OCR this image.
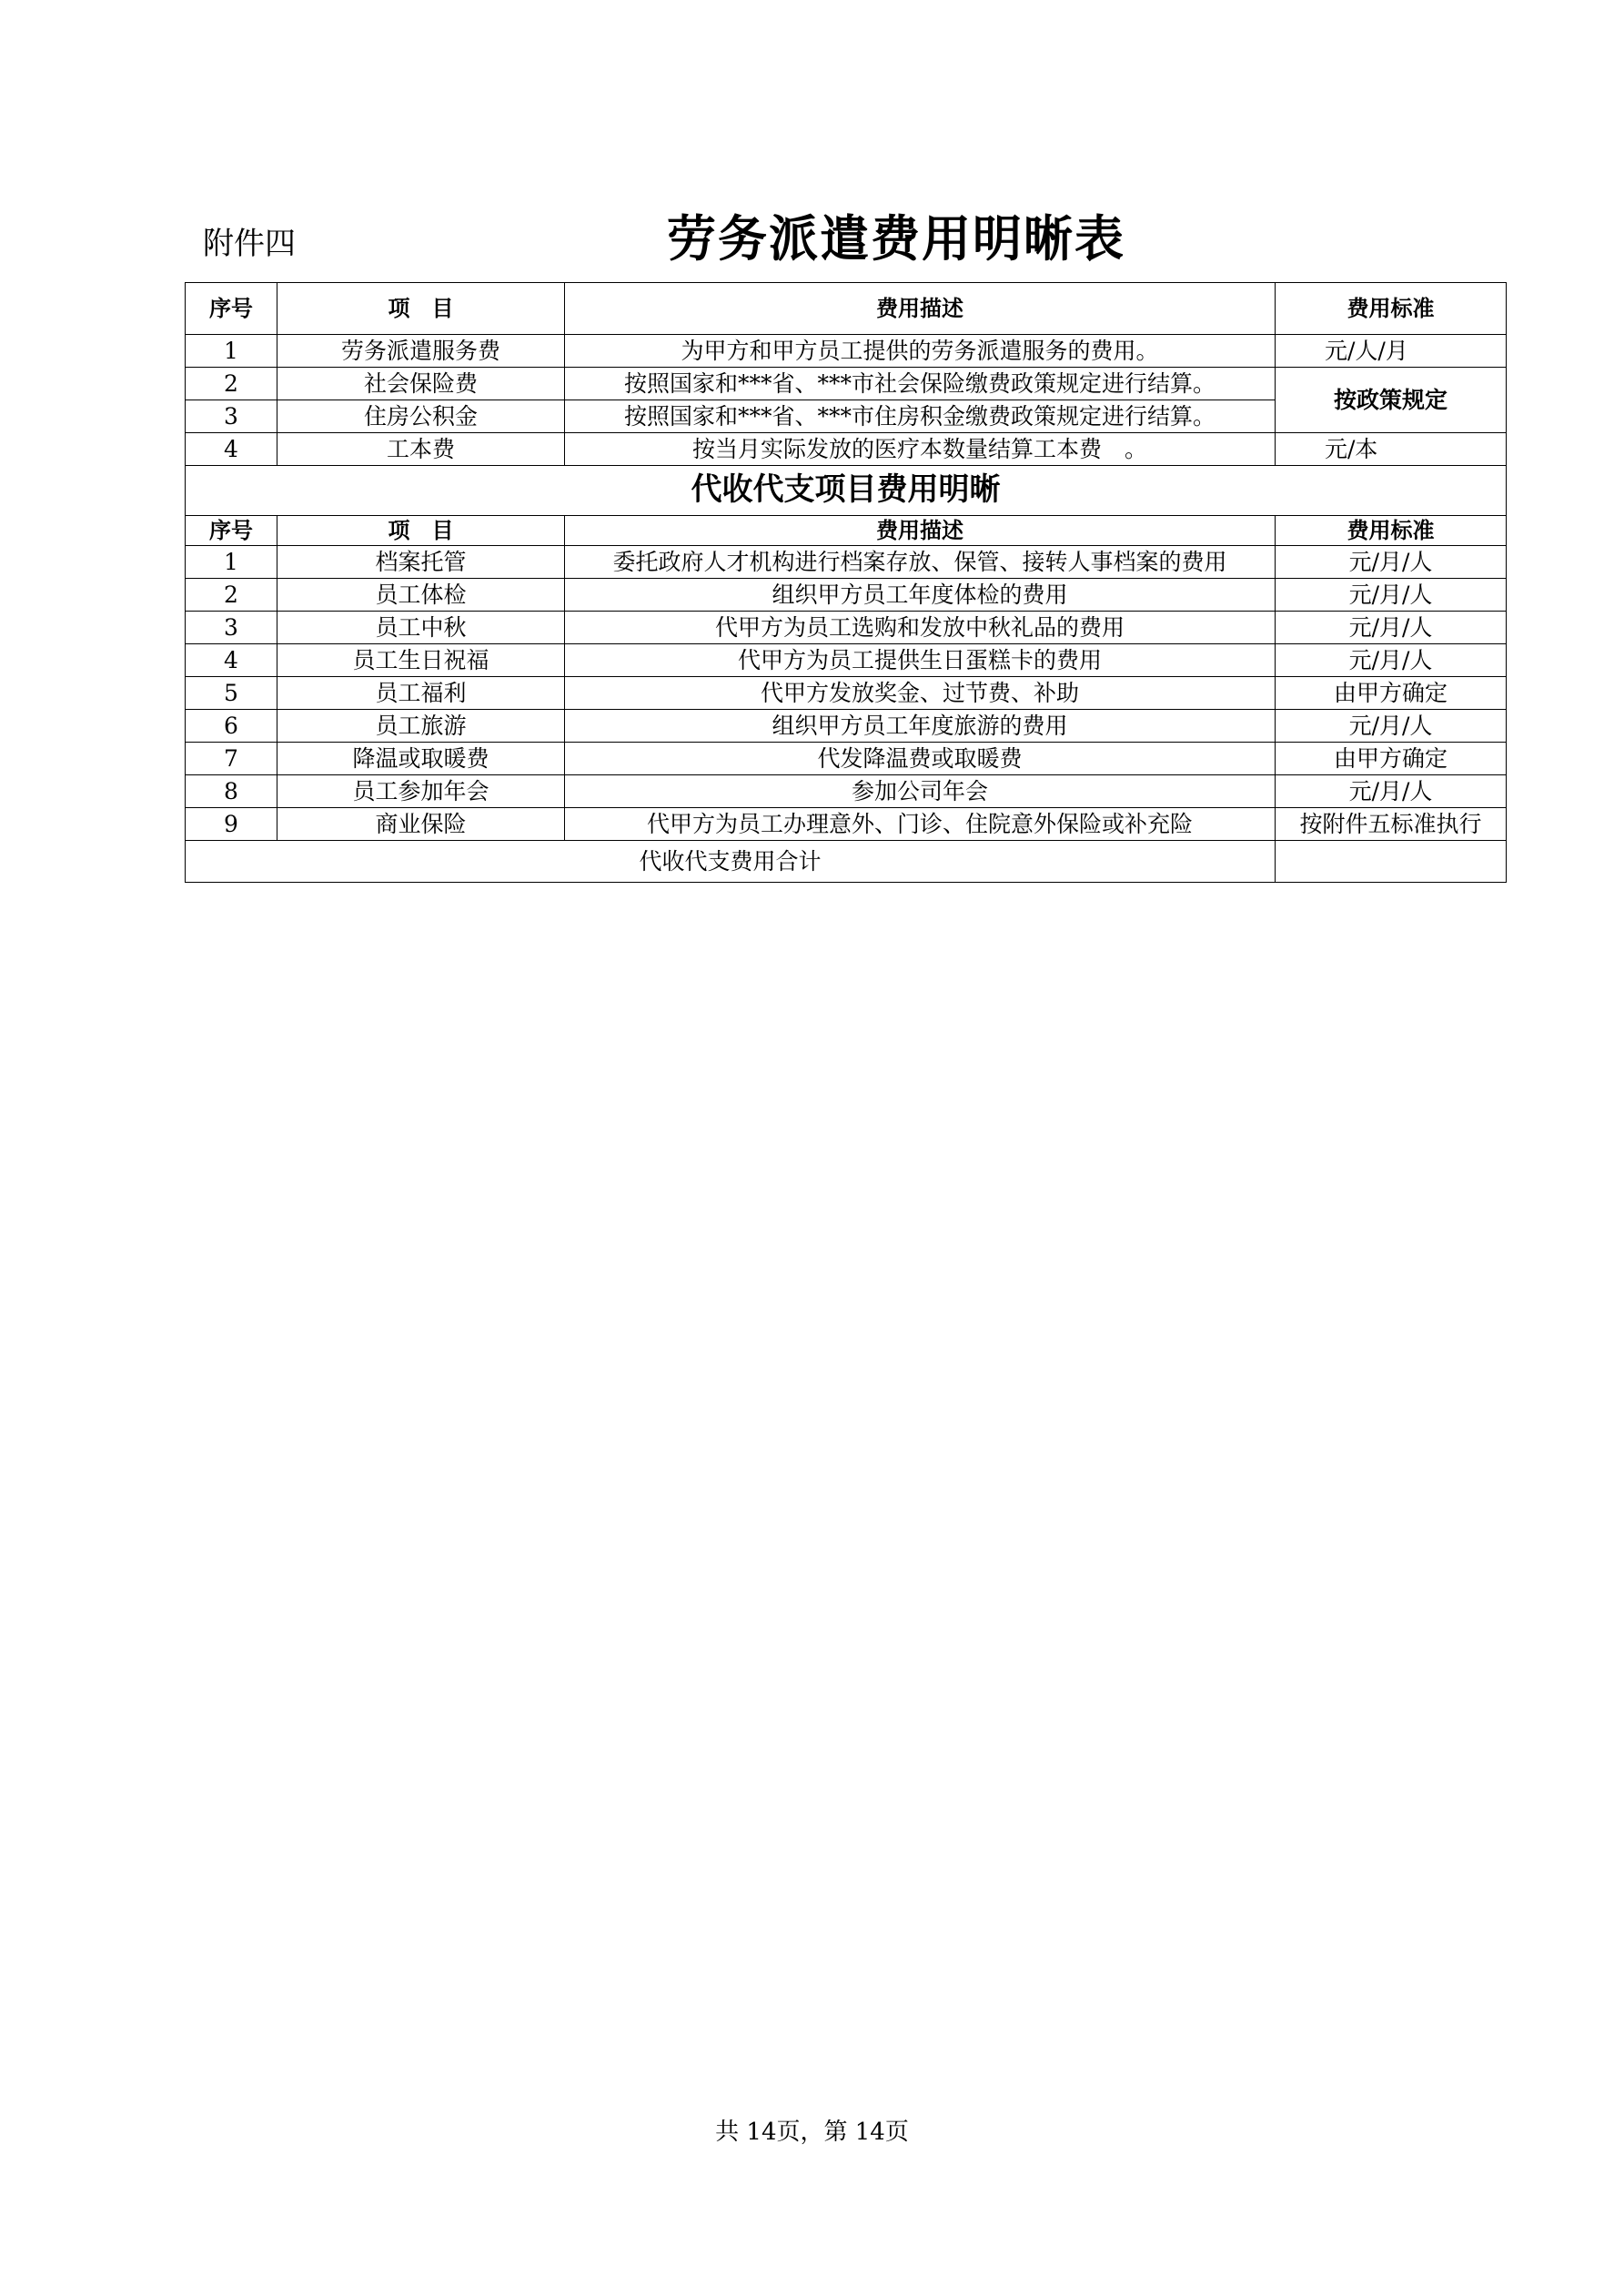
附件四	劳务派遣费用明晰表
序号	项　目	费用描述	费用标准
1	劳务派遣服务费	为甲方和甲方员工提供的劳务派遣服务的费用。	　　元/人/月
2	社会保险费	按照国家和***省、***市社会保险缴费政策规定进行结算。	按政策规定
3	住房公积金	按照国家和***省、***市住房积金缴费政策规定进行结算。	
4	工本费	按当月实际发放的医疗本数量结算工本费　。	　　元/本
代收代支项目费用明晰			
序号	项　目	费用描述	费用标准
1	档案托管	委托政府人才机构进行档案存放、保管、接转人事档案的费用	元/月/人
2	员工体检	组织甲方员工年度体检的费用	元/月/人
3	员工中秋	代甲方为员工选购和发放中秋礼品的费用	元/月/人
4	员工生日祝福	代甲方为员工提供生日蛋糕卡的费用	元/月/人
5	员工福利	代甲方发放奖金、过节费、补助	由甲方确定
6	员工旅游	组织甲方员工年度旅游的费用	元/月/人
7	降温或取暖费	代发降温费或取暖费	由甲方确定
8	员工参加年会	参加公司年会	元/月/人
9	商业保险	代甲方为员工办理意外、门诊、住院意外保险或补充险	按附件五标准执行
代收代支费用合计			
共 14页，第 14页
